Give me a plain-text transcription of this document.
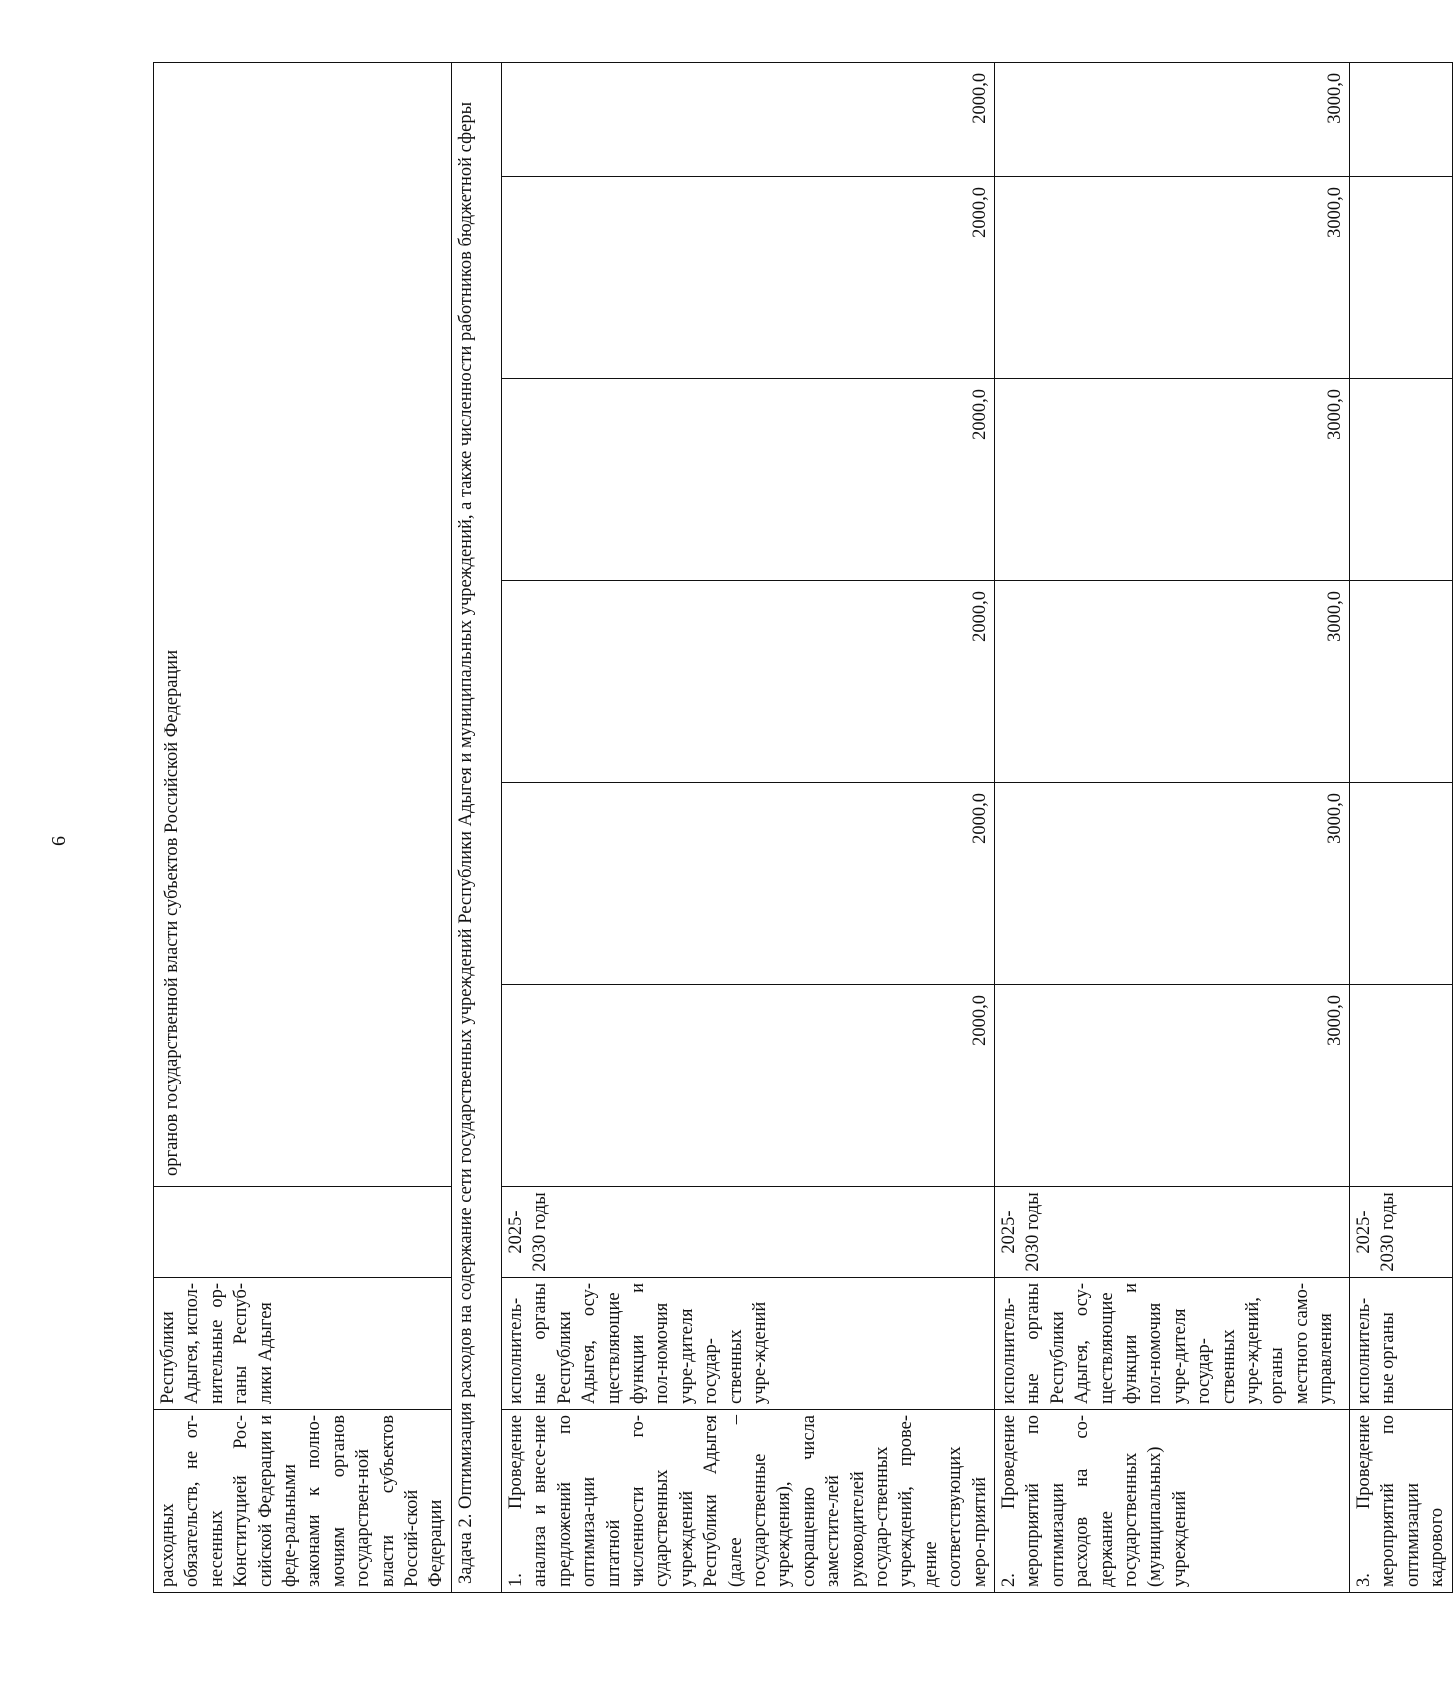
6
расходных обязательств, не от-несенных Конституцией Рос-сийской Федерации и феде-ральными законами к полно-мочиям органов государствен-ной власти субъектов Россий-ской Федерации	Республики Адыгея, испол-нительные ор-ганы Респуб-лики Адыгея		органов государственной власти субъектов Российской Федерации					
Задача 2. Оптимизация расходов на содержание сети государственных учреждений Республики Адыгея и муниципальных учреждений, а также численности работников бюджетной сферы								
1. Проведение анализа и внесе-ние предложений по оптимиза-ции штатной численности го-сударственных учреждений Республики Адыгея (далее – государственные учреждения), сокращению числа заместите-лей руководителей государ-ственных учреждений, прове-дение соответствующих меро-приятий	исполнитель-ные органы Республики Адыгея, осу-ществляющие функции и пол-номочия учре-дителя государ-ственных учре-ждений	2025-2030 годы	2000,0	2000,0	2000,0	2000,0	2000,0	2000,0
2. Проведение мероприятий по оптимизации расходов на со-держание государственных (муниципальных) учреждений	исполнитель-ные органы Республики Адыгея, осу-ществляющие функции и пол-номочия учре-дителя государ-ственных учре-ждений, органы местного само-управления	2025-2030 годы	3000,0	3000,0	3000,0	3000,0	3000,0	3000,0
3. Проведение мероприятий по оптимизации кадрового	исполнитель-ные органы	2025-2030 годы						
